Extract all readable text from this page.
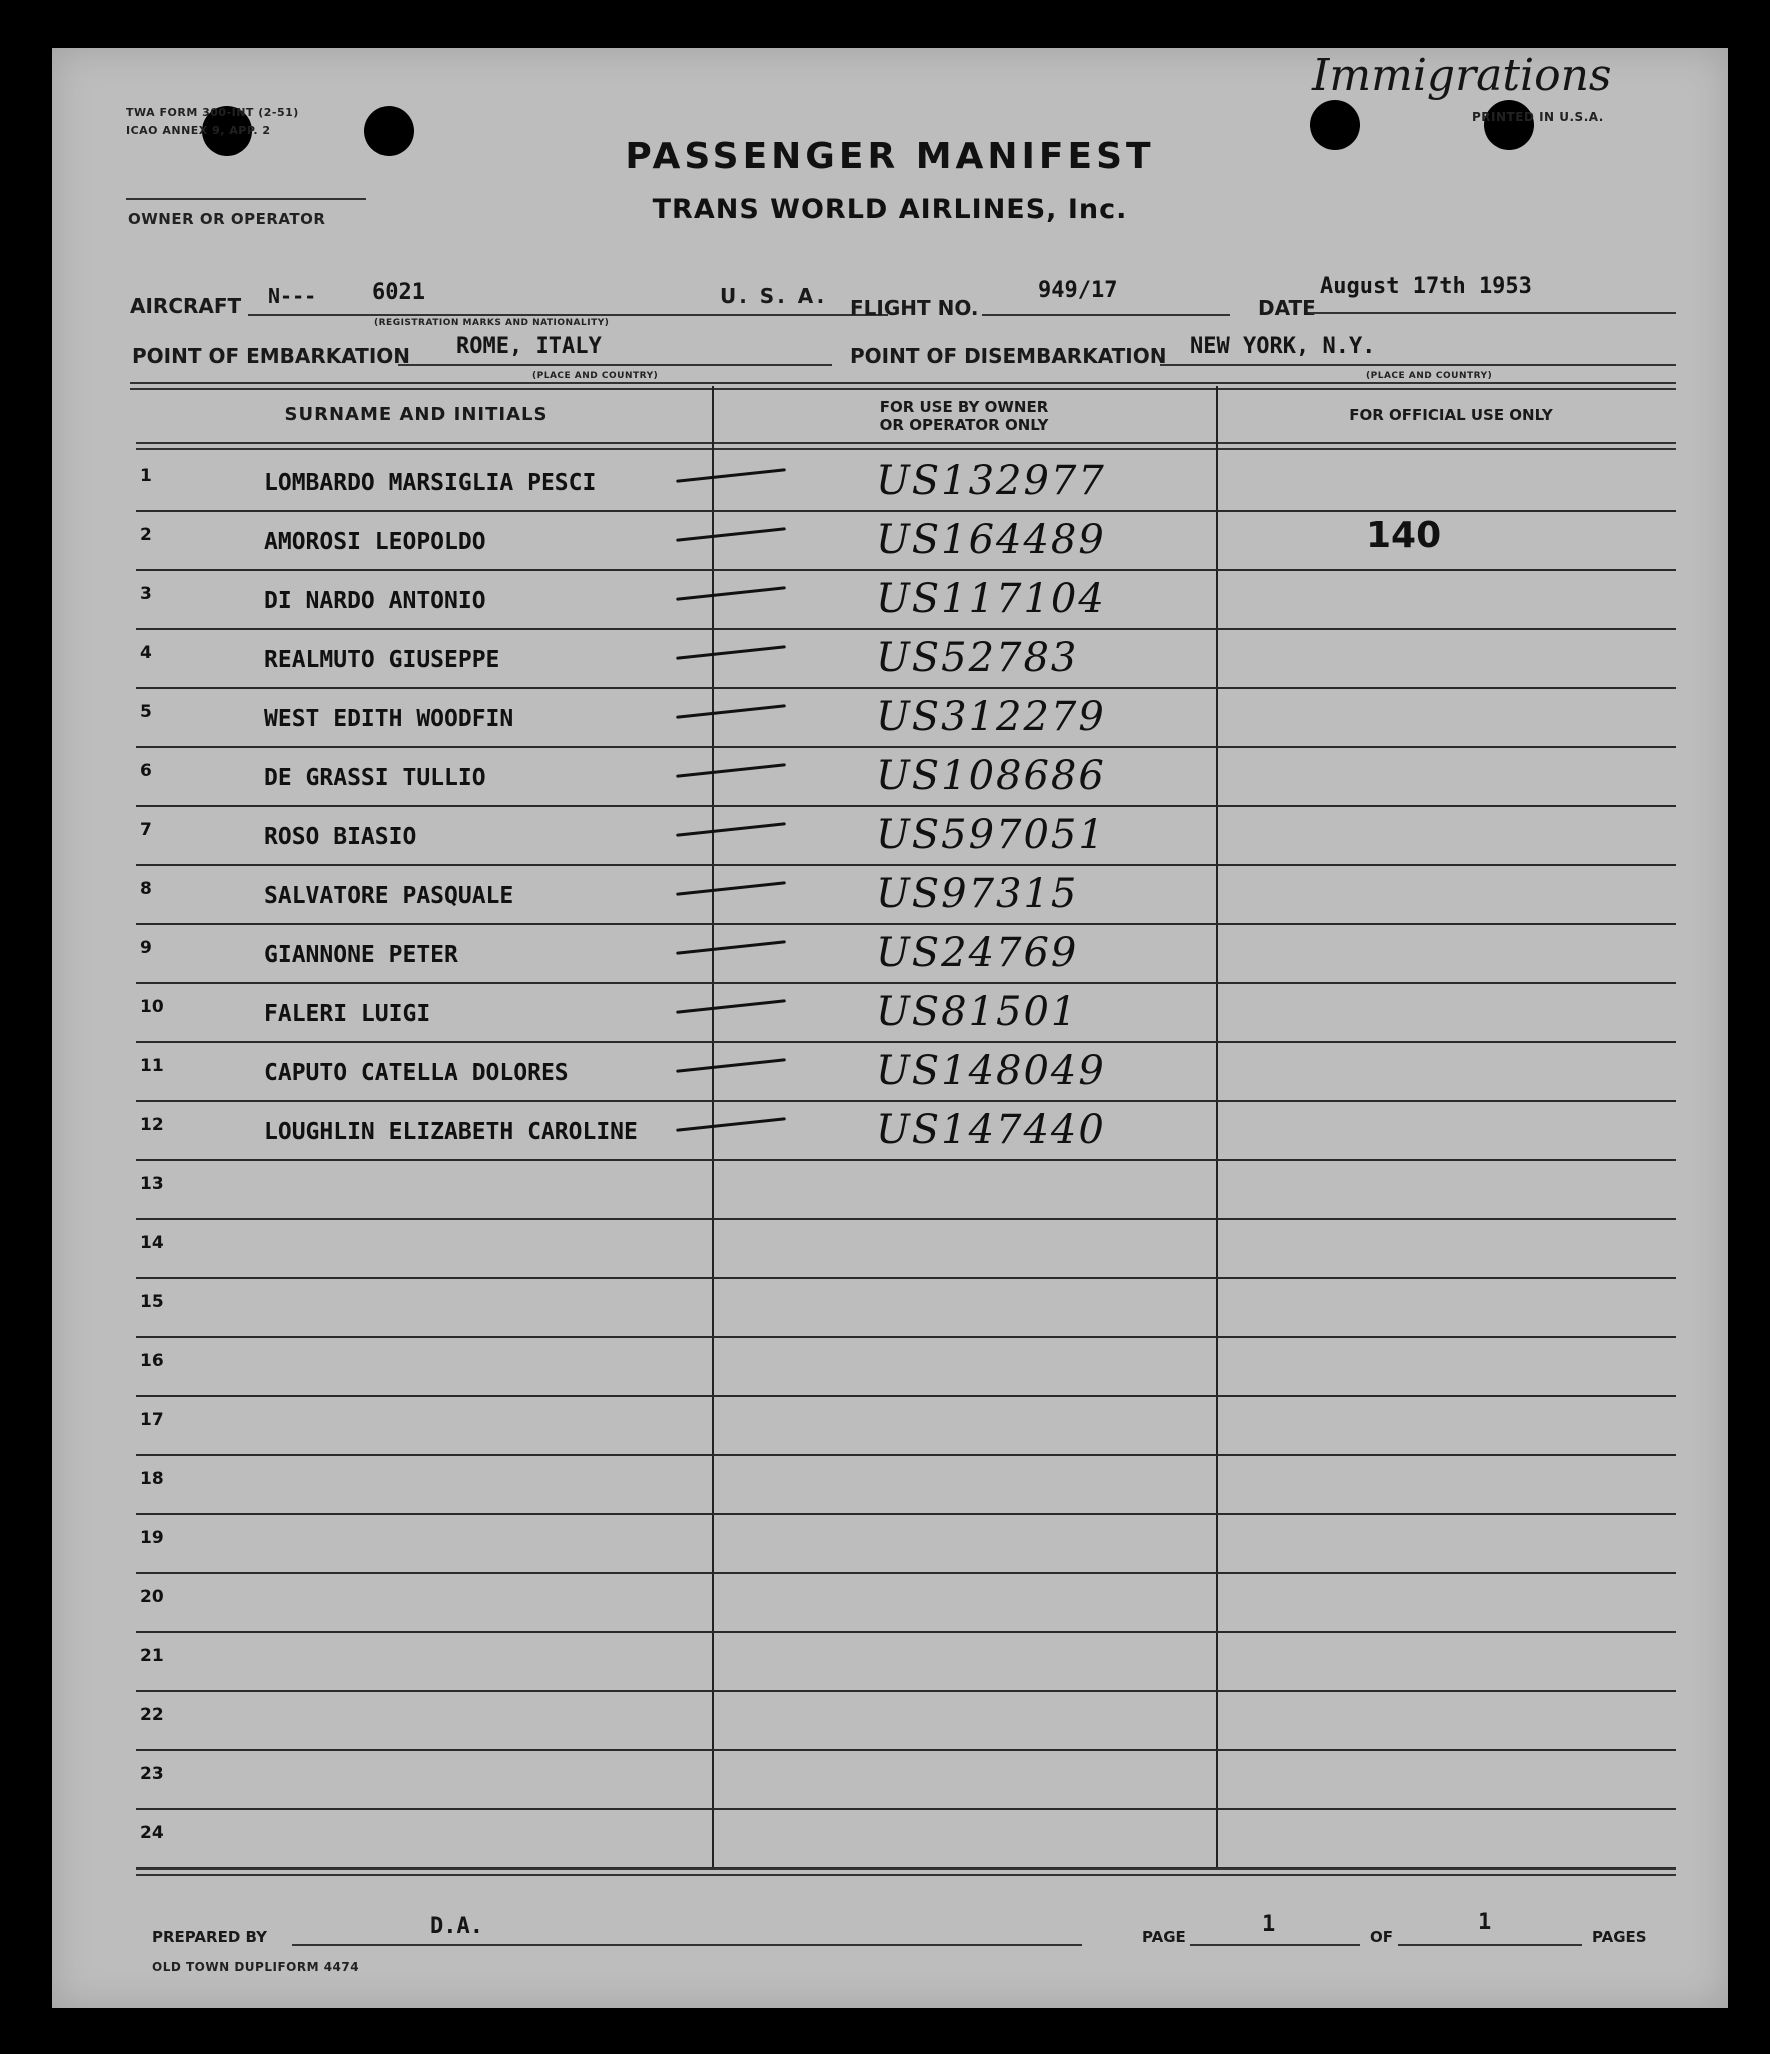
TWA FORM 300-INT (2-51)
ICAO ANNEX 9, APP. 2
OWNER OR OPERATOR
PRINTED IN U.S.A.
Immigrations
PASSENGER MANIFEST
TRANS WORLD AIRLINES, Inc.
AIRCRAFT N---	6021
(REGISTRATION MARKS AND NATIONALITY)
U. S. A. FLIGHT NO.
949/17
DATE
August 17th 1953
POINT OF EMBARKATION ROME, ITALY
(PLACE AND COUNTRY)
POINT OF DISEMBARKATION NEW YORK, N.Y.
(PLACE AND COUNTRY)
SURNAME AND INITIALS	FOR USE BY OWNER
OR OPERATOR ONLY
FOR OFFICIAL USE ONLY
1	LOMBARDO MARSIGLIA PESCI	US132977
2	AMOROSI LEOPOLDO	US164489	140
3	DI NARDO ANTONIO	US117104
4	REALMUTO GIUSEPPE	US52783
5	WEST EDITH WOODFIN	US312279
6	DE GRASSI TULLIO	US108686
7	ROSO BIASIO	US597051
8	SALVATORE PASQUALE	US97315
9	GIANNONE PETER	US24769
10	FALERI LUIGI	US81501
11	CAPUTO CATELLA DOLORES	US148049
12	LOUGHLIN ELIZABETH CAROLINE	US147440
13
14
15
16
17
18
19
20
21
22
23
24
PREPARED BY	D.A.	PAGE	1	OF
1
PAGES
OLD TOWN DUPLIFORM 4474
